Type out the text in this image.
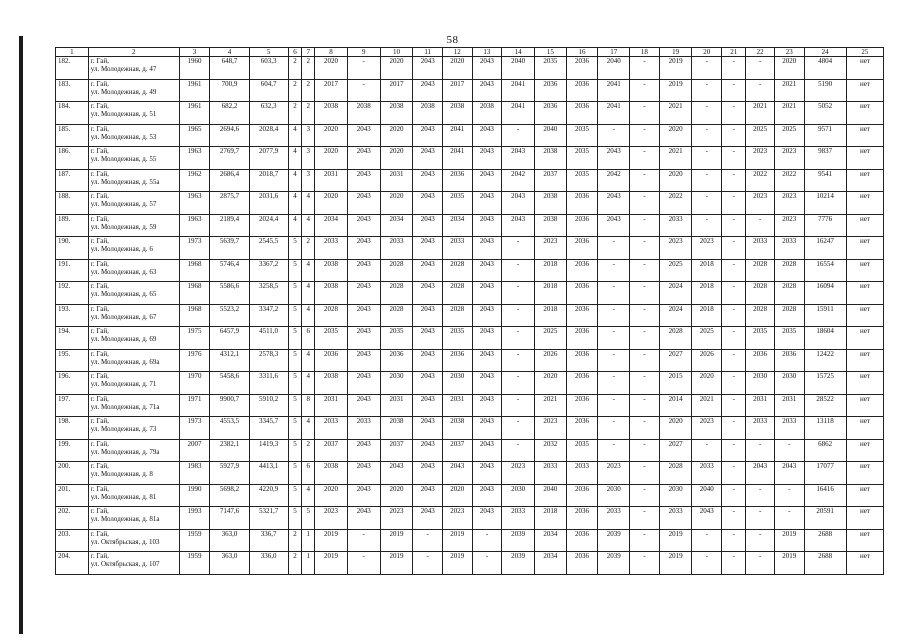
58
1	2	3	4	5	6	7	8	9	10	11	12	13	14	15	16	17	18	19	20	21	22	23	24	25
182.	г. Гай,
ул. Молодежная, д. 47	1960	648,7	603,3	2	2	2020	-	2020	2043	2020	2043	2040	2035	2036	2040	-	2019	-	-	-	2020	4804	нет
183.	г. Гай,
ул. Молодежная, д. 49	1961	700,9	604,7	2	2	2017	-	2017	2043	2017	2043	2041	2036	2036	2041	-	2019	-	-	-	2021	5190	нет
184.	г. Гай,
ул. Молодежная, д. 51	1961	682,2	632,3	2	2	2038	2038	2038	2038	2038	2038	2041	2036	2036	2041	-	2021	-	-	2021	2021	5052	нет
185.	г. Гай,
ул. Молодежная, д. 53	1965	2694,6	2028,4	4	3	2020	2043	2020	2043	2041	2043	-	2040	2035	-	-	2020	-	-	2025	2025	9571	нет
186.	г. Гай,
ул. Молодежная, д. 55	1963	2769,7	2077,9	4	3	2020	2043	2020	2043	2041	2043	2043	2038	2035	2043	-	2021	-	-	2023	2023	9837	нет
187.	г. Гай,
ул. Молодежная, д. 55а	1962	2686,4	2018,7	4	3	2031	2043	2031	2043	2036	2043	2042	2037	2035	2042	-	2020	-	-	2022	2022	9541	нет
188.	г. Гай,
ул. Молодежная, д. 57	1963	2875,7	2031,6	4	4	2020	2043	2020	2043	2035	2043	2043	2038	2036	2043	-	2022	-	-	2023	2023	10214	нет
189.	г. Гай,
ул. Молодежная, д. 59	1963	2189,4	2024,4	4	4	2034	2043	2034	2043	2034	2043	2043	2038	2036	2043	-	2033	-	-	-	2023	7776	нет
190.	г. Гай,
ул. Молодежная, д. 6	1973	5639,7	2545,5	5	2	2033	2043	2033	2043	2033	2043	-	2023	2036	-	-	2023	2023	-	2033	2033	16247	нет
191.	г. Гай,
ул. Молодежная, д. 63	1968	5746,4	3367,2	5	4	2038	2043	2028	2043	2028	2043	-	2018	2036	-	-	2025	2018	-	2028	2028	16554	нет
192.	г. Гай,
ул. Молодежная, д. 65	1968	5586,6	3258,5	5	4	2038	2043	2028	2043	2028	2043	-	2018	2036	-	-	2024	2018	-	2028	2028	16094	нет
193.	г. Гай,
ул. Молодежная, д. 67	1968	5523,2	3347,2	5	4	2028	2043	2028	2043	2028	2043	-	2018	2036	-	-	2024	2018	-	2028	2028	15911	нет
194.	г. Гай,
ул. Молодежная, д. 69	1975	6457,9	4511,0	5	6	2035	2043	2035	2043	2035	2043	-	2025	2036	-	-	2028	2025	-	2035	2035	18604	нет
195.	г. Гай,
ул. Молодежная, д. 69а	1976	4312,1	2578,3	5	4	2036	2043	2036	2043	2036	2043	-	2026	2036	-	-	2027	2026	-	2036	2036	12422	нет
196.	г. Гай,
ул. Молодежная, д. 71	1970	5458,6	3311,6	5	4	2038	2043	2030	2043	2030	2043	-	2020	2036	-	-	2015	2020	-	2030	2030	15725	нет
197.	г. Гай,
ул. Молодежная, д. 71а	1971	9900,7	5910,2	5	8	2031	2043	2031	2043	2031	2043	-	2021	2036	-	-	2014	2021	-	2031	2031	28522	нет
198.	г. Гай,
ул. Молодежная, д. 73	1973	4553,5	3345,7	5	4	2033	2033	2038	2043	2038	2043	-	2023	2036	-	-	2020	2023	-	2033	2033	13118	нет
199.	г. Гай,
ул. Молодежная, д. 79а	2007	2382,1	1419,3	5	2	2037	2043	2037	2043	2037	2043	-	2032	2035	-	-	2027	-	-	-	-	6862	нет
200.	г. Гай,
ул. Молодежная, д. 8	1983	5927,9	4413,1	5	6	2038	2043	2043	2043	2043	2043	2023	2033	2033	2023	-	2028	2033	-	2043	2043	17077	нет
201.	г. Гай,
ул. Молодежная, д. 81	1990	5698,2	4220,9	5	4	2020	2043	2020	2043	2020	2043	2030	2040	2036	2030	-	2030	2040	-	-	-	16416	нет
202.	г. Гай,
ул. Молодежная, д. 81а	1993	7147,6	5321,7	5	5	2023	2043	2023	2043	2023	2043	2033	2018	2036	2033	-	2033	2043	-	-	-	20591	нет
203.	г. Гай,
ул. Октябрьская, д. 103	1959	363,0	336,7	2	1	2019	-	2019	-	2019	-	2039	2034	2036	2039	-	2019	-	-	-	2019	2688	нет
204.	г. Гай,
ул. Октябрьская, д. 107	1959	363,0	336,0	2	1	2019	-	2019	-	2019	-	2039	2034	2036	2039	-	2019	-	-	-	2019	2688	нет
